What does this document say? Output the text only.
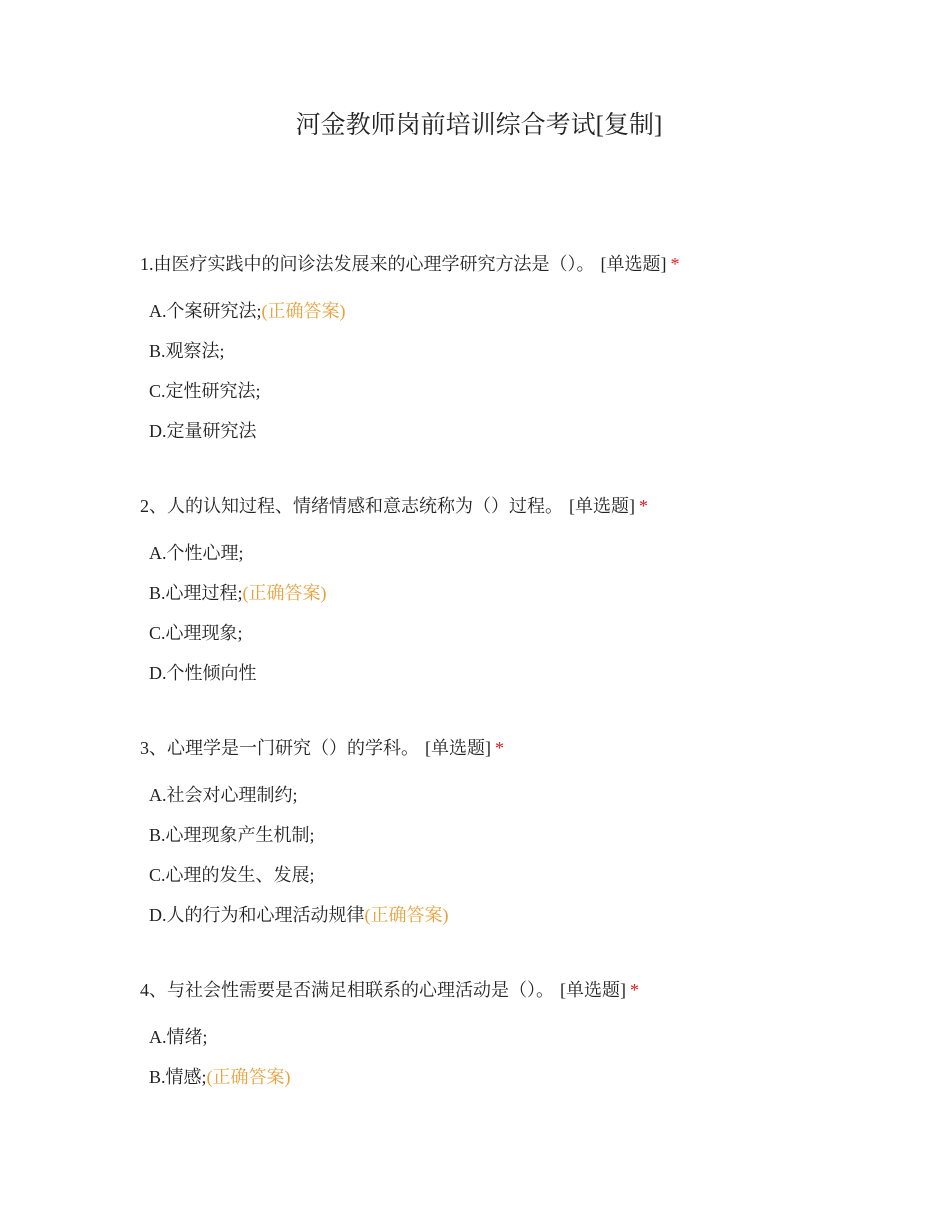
河金教师岗前培训综合考试[复制]
1.由医疗实践中的问诊法发展来的心理学研究方法是（）。 [单选题] *
A.个案研究法;(正确答案)
B.观察法;
C.定性研究法;
D.定量研究法
2、人的认知过程、情绪情感和意志统称为（）过程。 [单选题] *
A.个性心理;
B.心理过程;(正确答案)
C.心理现象;
D.个性倾向性
3、心理学是一门研究（）的学科。 [单选题] *
A.社会对心理制约;
B.心理现象产生机制;
C.心理的发生、发展;
D.人的行为和心理活动规律(正确答案)
4、与社会性需要是否满足相联系的心理活动是（）。 [单选题] *
A.情绪;
B.情感;(正确答案)
